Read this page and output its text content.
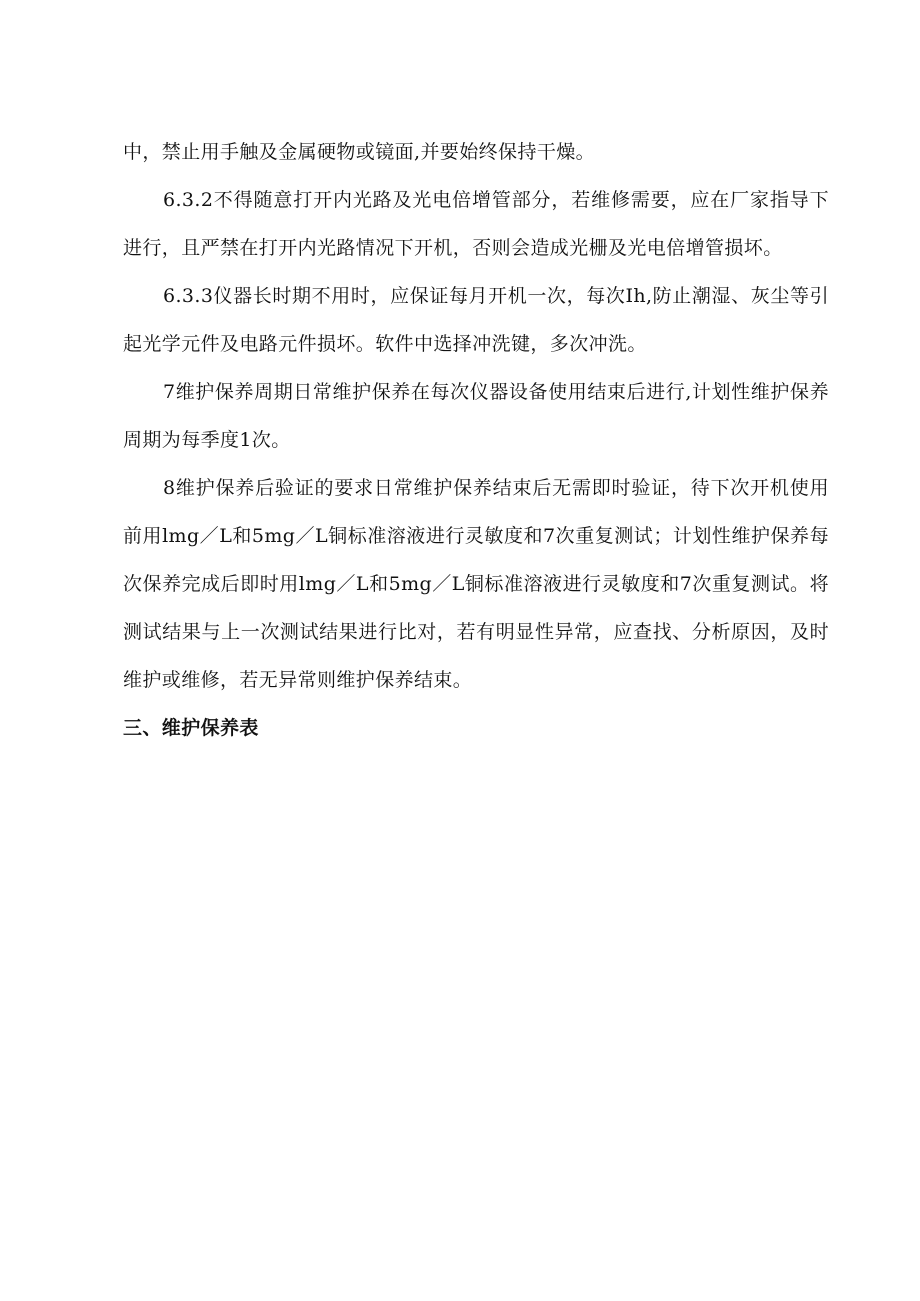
中，禁止用手触及金属硬物或镜面,并要始终保持干燥。

6.3.2不得随意打开内光路及光电倍增管部分，若维修需要，应在厂家指导下进行，且严禁在打开内光路情况下开机，否则会造成光栅及光电倍增管损坏。

6.3.3仪器长时期不用时，应保证每月开机一次，每次Ih,防止潮湿、灰尘等引起光学元件及电路元件损坏。软件中选择冲洗键，多次冲洗。

7维护保养周期日常维护保养在每次仪器设备使用结束后进行,计划性维护保养周期为每季度1次。

8维护保养后验证的要求日常维护保养结束后无需即时验证，待下次开机使用前用lmg／L和5mg／L铜标准溶液进行灵敏度和7次重复测试；计划性维护保养每次保养完成后即时用lmg／L和5mg／L铜标准溶液进行灵敏度和7次重复测试。将测试结果与上一次测试结果进行比对，若有明显性异常，应查找、分析原因，及时维护或维修，若无异常则维护保养结束。

三、维护保养表
